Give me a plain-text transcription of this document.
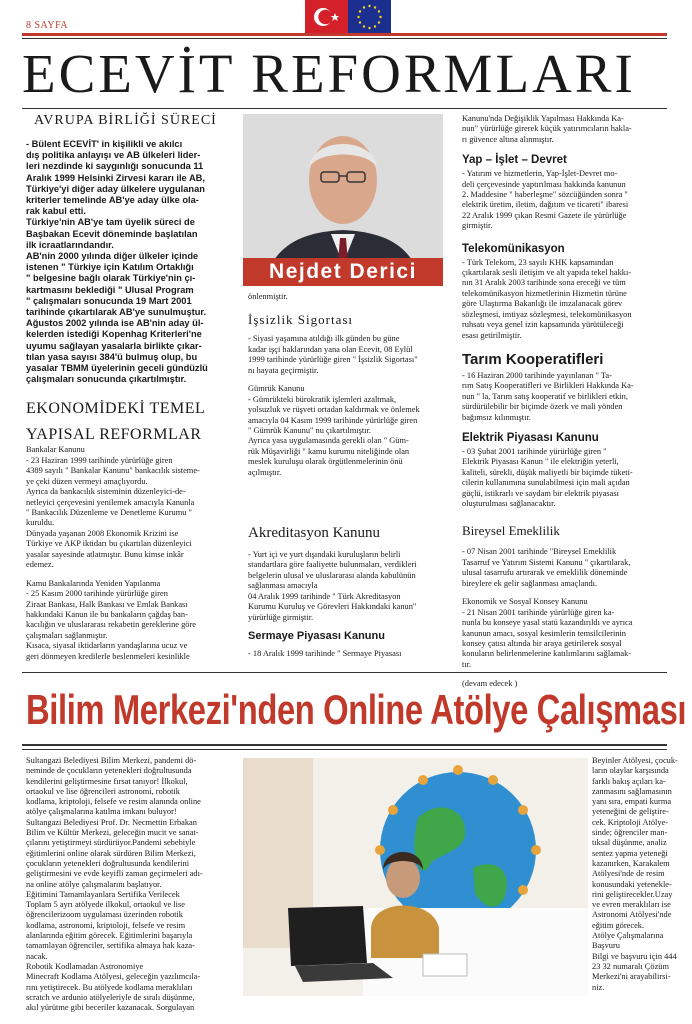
8 SAYFA
ECEVİT REFORMLARI
AVRUPA BİRLİĞİ SÜRECİ

- Bülent ECEVİT' in kişilikli ve akılcı

dış politika anlayışı ve AB ülkeleri lider-

leri nezdinde ki saygınlığı sonucunda 11

Aralık 1999 Helsinki Zirvesi kararı ile AB,

Türkiye'yi diğer aday ülkelere uygulanan

kriterler temelinde AB'ye aday ülke ola-

rak kabul etti.

Türkiye'nin AB'ye tam üyelik süreci de

Başbakan Ecevit döneminde başlatılan

ilk icraatlarındandır.

AB'nin 2000 yılında diğer ülkeler içinde

istenen " Türkiye için Katılım Ortaklığı

" belgesine bağlı olarak Türkiye'nin çı-

kartmasını beklediği " Ulusal Program

" çalışmaları sonucunda 19 Mart 2001

tarihinde çıkartılarak AB'ye sunulmuştur.

Ağustos 2002 yılında ise AB'nin aday ül-

kelerden istediği Kopenhag Kriterleri'ne

uyumu sağlayan yasalarla birlikte çıkar-

tılan yasa sayısı 384'ü bulmuş olup, bu

yasalar TBMM üyelerinin geceli gündüzlü

çalışmaları sonucunda çıkartılmıştır.

EKONOMİDEKİ TEMEL
YAPISAL REFORMLAR

Bankalar Kanunu

- 23 Haziran 1999 tarihinde yürürlüğe giren

4389 sayılı " Bankalar Kanunu" bankacılık sisteme-

ye çeki düzen vermeyi amaçlıyordu.

Ayrıca da bankacılık sisteminin düzenleyici-de-

netleyici çerçevesini yenilemek amacıyla Kanunla

" Bankacılık Düzenleme ve Denetleme Kurumu "

kuruldu.

Dünyada yaşanan 2008 Ekonomik Krizini ise

Türkiye ve AKP iktidarı bu çıkartılan düzenleyici

yasalar sayesinde atlatmıştır. Bunu kimse inkâr

edemez.

Kamu Bankalarında Yeniden Yapılanma

- 25 Kasım 2000 tarihinde yürürlüğe giren

Ziraat Bankası, Halk Bankası ve Emlak Bankası

hakkındaki Kanun ile bu bankaların çağdaş ban-

kacılığın ve uluslararası rekabetin gereklerine göre

çalışmaları sağlanmıştır.

Kısaca, siyasal iktidarların yandaşlarına ucuz ve

geri dönmeyen kredilerle beslenmeleri kesinlikle

Nejdet Derici

önlenmiştir.

İşsizlik Sigortası

- Siyasi yaşamına atıldığı ilk günden bu güne

kadar işçi haklarından yana olan Ecevit, 08 Eylül

1999 tarihinde yürürlüğe giren " İşsizlik Sigortası"

nı hayata geçirmiştir.

Gümrük Kanunu

- Gümrükteki bürokratik işlemleri azaltmak,

yolsuzluk ve rüşveti ortadan kaldırmak ve önlemek

amacıyla 04 Kasım 1999 tarihinde yürürlüğe giren

" Gümrük Kanunu" nu çıkartılmıştır.

Ayrıca yasa uygulamasında gerekli olan " Güm-

rük Müşavirliği " kamu kurumu niteliğinde olan

meslek kuruluşu olarak örgütlenmelerinin önü

açılmıştır.

Akreditasyon Kanunu

- Yurt içi ve yurt dışındaki kuruluşların belirli

standartlara göre faaliyette bulunmaları, verdikleri

belgelerin ulusal ve uluslararası alanda kabulünün

sağlanması amacıyla

04 Aralık 1999 tarihinde " Türk Akreditasyon

Kurumu Kuruluş ve Görevleri Hakkındaki kanun"

yürürlüğe girmiştir.

Sermaye Piyasası Kanunu

- 18 Aralık 1999 tarihinde " Sermaye Piyasası

Kanunu'nda Değişiklik Yapılması Hakkında Ka-

nun" yürürlüğe girerek küçük yatırımcıların hakla-

rı güvence altına alınmıştır.

Yap – İşlet – Devret

- Yatırım ve hizmetlerin, Yap-İşlet-Devret mo-

deli çerçevesinde yaptırılması hakkında kanunun

2. Maddesine " haberleşme" sözcüğünden sonra "

elektrik üretim, iletim, dağıtım ve ticareti" ibaresi

22 Aralık 1999 çıkan Resmi Gazete ile yürürlüğe

girmiştir.

Telekomünikasyon

- Türk Telekom, 23 sayılı KHK kapsamından

çıkartılarak sesli iletişim ve alt yapıda tekel hakkı-

nın 31 Aralık 2003 tarihinde sona ereceği ve tüm

telekomünikasyon hizmetlerinin Hizmetin türüne

göre Ulaştırma Bakanlığı ile imzalanacak görev

sözleşmesi, imtiyaz sözleşmesi, telekomünikasyon

ruhsatı veya genel izin kapsamında yürütüleceği

esası getirilmiştir.

Tarım Kooperatifleri

- 16 Haziran 2000 tarihinde yayınlanan " Ta-

rım Satış Kooperatifleri ve Birlikleri Hakkında Ka-

nun " la, Tarım satış kooperatif ve birlikleri etkin,

sürdürülebilir bir biçimde özerk ve mali yönden

bağımsız kılınmıştır.

Elektrik Piyasası Kanunu

- 03 Şubat 2001 tarihinde yürürlüğe giren "

Elektrik Piyasası Kanun " ile elektriğin yeterli,

kaliteli, sürekli, düşük maliyetli bir biçimde tüketi-

cilerin kullanımına sunulabilmesi için mali açıdan

güçlü, istikrarlı ve saydam bir elektrik piyasası

oluşturulması sağlanacaktır.

Bireysel Emeklilik

- 07 Nisan 2001 tarihinde "Bireysel Emeklilik

Tasarruf ve Yatırım Sistemi Kanunu " çıkartılarak,

ulusal tasarrufu artırarak ve emeklilik döneminde

bireylere ek gelir sağlanması amaçlandı.

Ekonomik ve Sosyal Konsey Kanunu

- 21 Nisan 2001 tarihinde yürürlüğe giren ka-

nunla bu konseye yasal statü kazandırıldı ve ayrıca

kanunun amacı, sosyal kesimlerin temsilcilerinin

konsey çatısı altında bir araya getirilerek sosyal

konuların belirlenmelerine katılımlarını sağlamak-

tır.

(devam edecek )

Bilim Merkezi'nden Online Atölye Çalışması

Sultangazi Belediyesi Bilim Merkezi, pandemi dö-

neminde de çocukların yetenekleri doğrultusunda

kendilerini geliştirmesine fırsat tanıyor! İlkokul,

ortaokul ve lise öğrencileri astronomi, robotik

kodlama, kriptoloji, felsefe ve resim alanında online

atölye çalışmalarına katılma imkanı buluyor!

Sultangazi Belediyesi Prof. Dr. Necmettin Erbakan

Bilim ve Kültür Merkezi, geleceğin mucit ve sanat-

çılarını yetiştirmeyi sürdürüyor.Pandemi sebebiyle

eğitimlerini online olarak sürdüren Bilim Merkezi,

çocukların yetenekleri doğrultusunda kendilerini

geliştirmesini ve evde keyifli zaman geçirmeleri adı-

na online atölye çalışmalarını başlatıyor.

Eğitimini Tamamlayanlara Sertifika Verilecek

Toplam 5 ayrı atölyede ilkokul, ortaokul ve lise

öğrencilerizoom uygulaması üzerinden robotik

kodlama, astronomi, kriptoloji, felsefe ve resim

alanlarında eğitim görecek. Eğitimlerini başarıyla

tamamlayan öğrenciler, sertifika almaya hak kaza-

nacak.

Robotik Kodlamadan Astronomiye

Minecraft Kodlama Atölyesi, geleceğin yazılımcıla-

rını yetiştirecek. Bu atölyede kodlama meraklıları

scratch ve ardunio atölyeleriyle de sıralı düşünme,

akıl yürütme gibi beceriler kazanacak. Sorgulayan

Beyinler Atölyesi, çocuk-

ların olaylar karşısında

farklı bakış açıları ka-

zanmasını sağlamasının

yanı sıra, empati kurma

yeteneğini de geliştire-

cek. Kriptoloji Atölye-

sinde; öğrenciler man-

tıksal düşünme, analiz

sentez yapma yeteneği

kazanırken, Karakalem

Atölyesi'nde de resim

konusundaki yetenekle-

rini geliştirecekler.Uzay

ve evren meraklıları ise

Astronomi Atölyesi'nde

eğitim görecek.

Atölye Çalışmalarına

Başvuru

Bilgi ve başvuru için 444

23 32 numaralı Çözüm

Merkezi'ni arayabilirsi-

niz.
